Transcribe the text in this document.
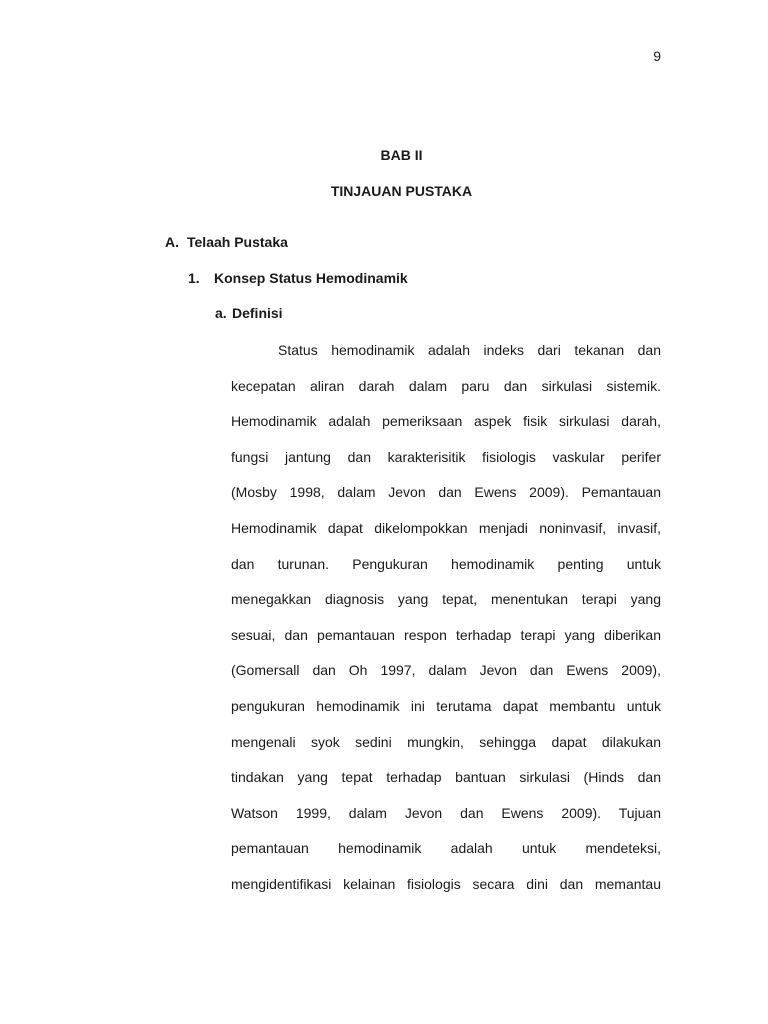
9
BAB II
TINJAUAN PUSTAKA
A. Telaah Pustaka
1. Konsep Status Hemodinamik
a. Definisi

Status hemodinamik adalah indeks dari tekanan dan
kecepatan aliran darah dalam paru dan sirkulasi sistemik.
Hemodinamik adalah pemeriksaan aspek fisik sirkulasi darah,
fungsi jantung dan karakterisitik fisiologis vaskular perifer
(Mosby 1998, dalam Jevon dan Ewens 2009). Pemantauan
Hemodinamik dapat dikelompokkan menjadi noninvasif, invasif,
dan turunan. Pengukuran hemodinamik penting untuk
menegakkan diagnosis yang tepat, menentukan terapi yang
sesuai, dan pemantauan respon terhadap terapi yang diberikan
(Gomersall dan Oh 1997, dalam Jevon dan Ewens 2009),
pengukuran hemodinamik ini terutama dapat membantu untuk
mengenali syok sedini mungkin, sehingga dapat dilakukan
tindakan yang tepat terhadap bantuan sirkulasi (Hinds dan
Watson 1999, dalam Jevon dan Ewens 2009). Tujuan
pemantauan hemodinamik adalah untuk mendeteksi,
mengidentifikasi kelainan fisiologis secara dini dan memantau
